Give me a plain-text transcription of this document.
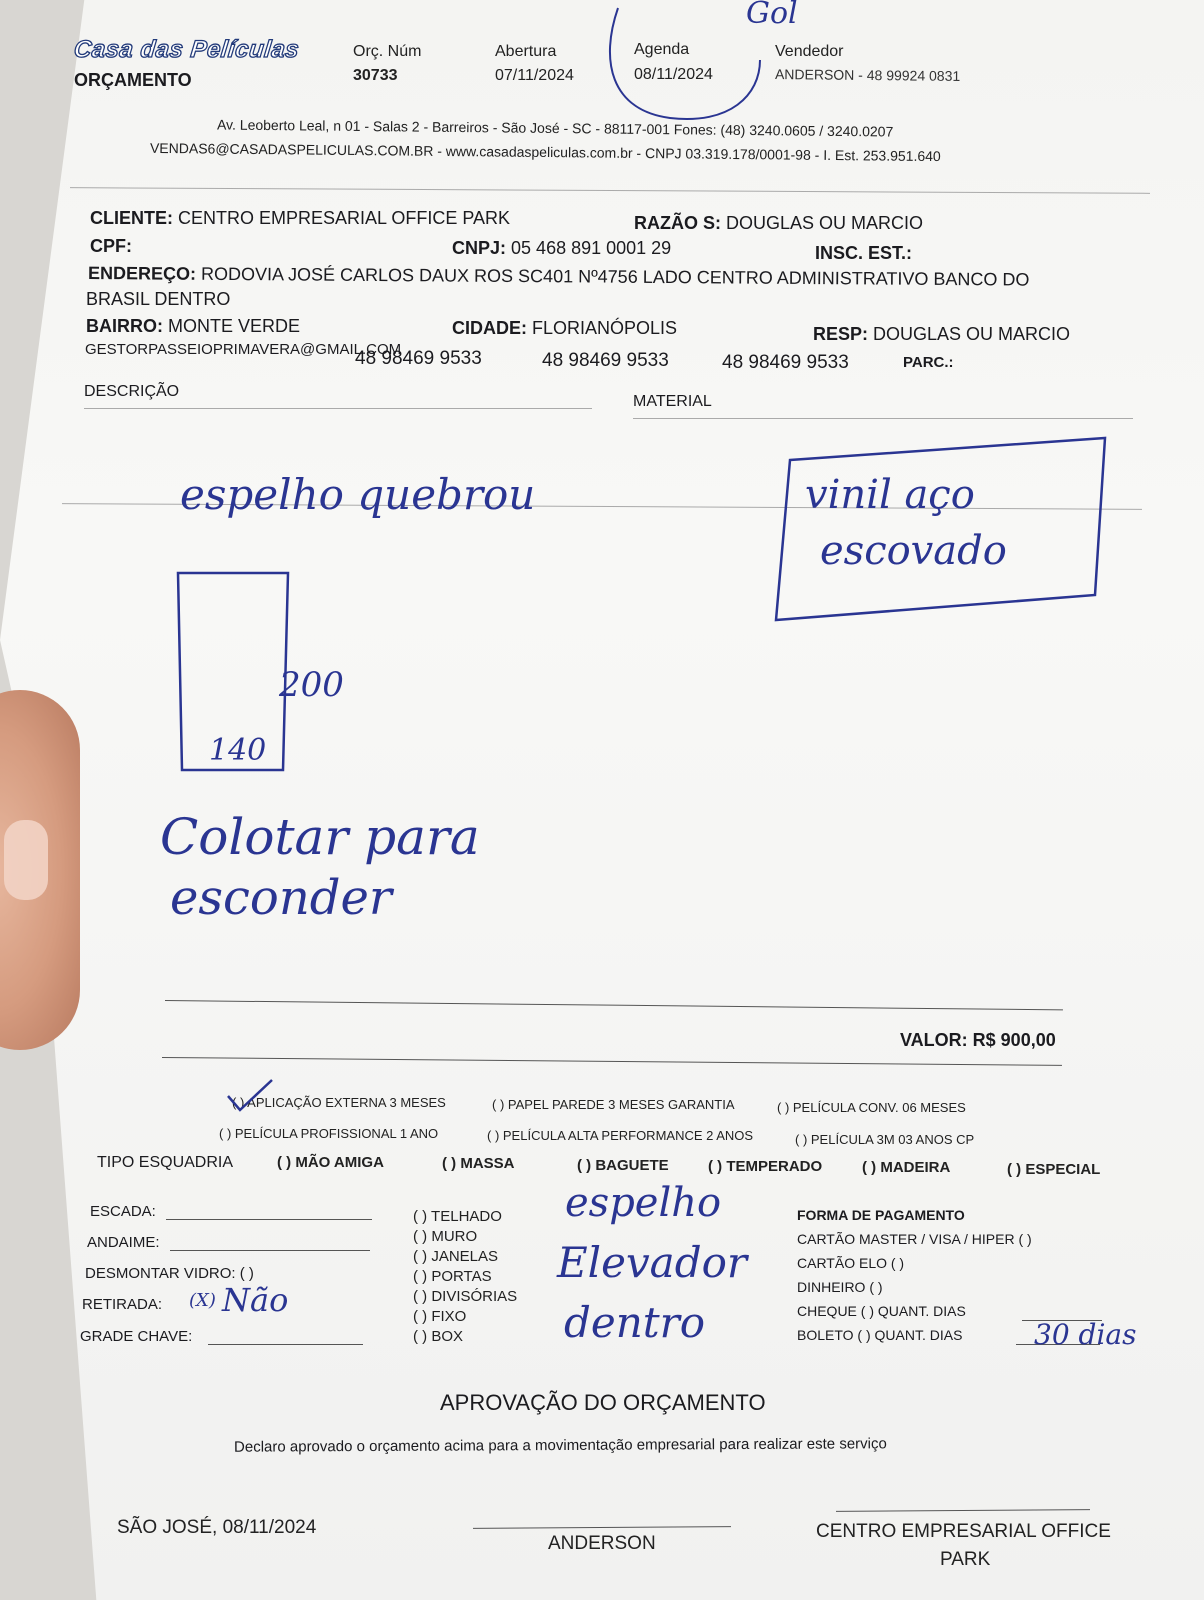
Casa das Películas
ORÇAMENTO
Orç. Núm
30733
Abertura
07/11/2024
Agenda
08/11/2024
Vendedor
ANDERSON - 48 99924 0831
Gol
Av. Leoberto Leal, n 01 - Salas 2 - Barreiros - São José - SC - 88117-001 Fones: (48) 3240.0605 / 3240.0207
VENDAS6@CASADASPELICULAS.COM.BR - www.casadaspeliculas.com.br - CNPJ 03.319.178/0001-98 - I. Est. 253.951.640
CLIENTE: CENTRO EMPRESARIAL OFFICE PARK	RAZÃO S: DOUGLAS OU MARCIO
CPF:	CNPJ: 05 468 891 0001 29	INSC. EST.:
ENDEREÇO: RODOVIA JOSÉ CARLOS DAUX ROS SC401 Nº4756 LADO CENTRO ADMINISTRATIVO BANCO DO
BRASIL DENTRO
BAIRRO: MONTE VERDE	CIDADE: FLORIANÓPOLIS	RESP: DOUGLAS OU MARCIO
GESTORPASSEIOPRIMAVERA@GMAIL.COM
48 98469 9533	48 98469 9533	48 98469 9533	PARC.:
DESCRIÇÃO
MATERIAL
espelho quebrou	vinil aço
escovado
200
140
Colotar para
esconder
VALOR: R$ 900,00
( ) APLICAÇÃO EXTERNA 3 MESES	( ) PAPEL PAREDE 3 MESES GARANTIA	( ) PELÍCULA CONV. 06 MESES
( ) PELÍCULA PROFISSIONAL 1 ANO	( ) PELÍCULA ALTA PERFORMANCE 2 ANOS	( ) PELÍCULA 3M 03 ANOS CP
TIPO ESQUADRIA	( ) MÃO AMIGA	( ) MASSA	( ) BAGUETE	( ) TEMPERADO	( ) MADEIRA	( ) ESPECIAL
ESCADA:
ANDAIME:
DESMONTAR VIDRO: ( )
RETIRADA: (X) Não
GRADE CHAVE:
( ) TELHADO
( ) MURO
( ) JANELAS
( ) PORTAS
( ) DIVISÓRIAS
( ) FIXO
( ) BOX
espelho
Elevador
dentro
FORMA DE PAGAMENTO
CARTÃO MASTER / VISA / HIPER ( )
CARTÃO ELO ( )
DINHEIRO ( )
CHEQUE ( ) QUANT. DIAS
BOLETO ( ) QUANT. DIAS	30 dias
APROVAÇÃO DO ORÇAMENTO
Declaro aprovado o orçamento acima para a movimentação empresarial para realizar este serviço
SÃO JOSÉ, 08/11/2024
ANDERSON
CENTRO EMPRESARIAL OFFICE
PARK
